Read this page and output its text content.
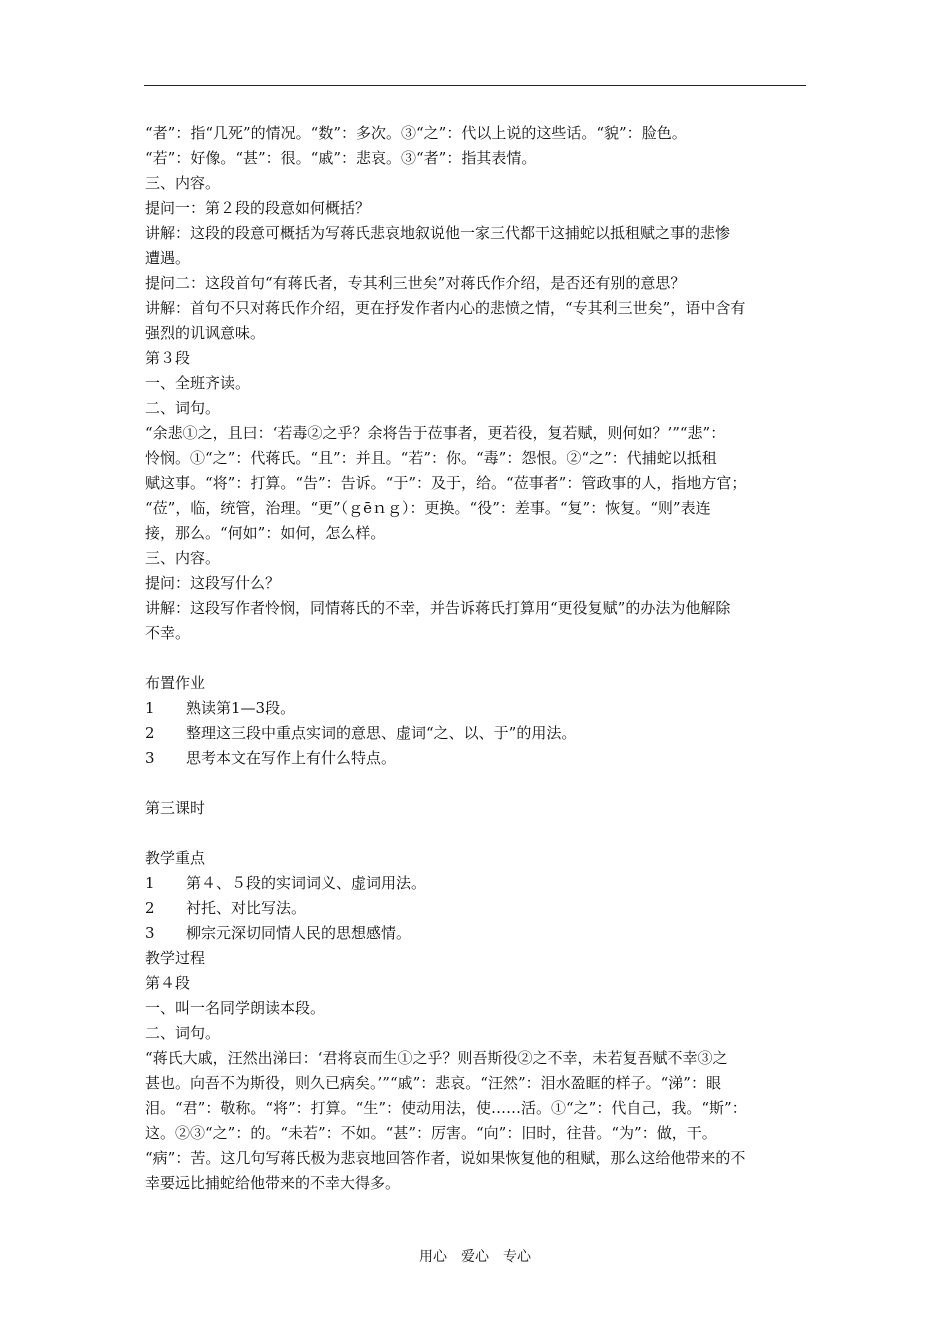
“者”：指“几死”的情况。“数”：多次。③“之”：代以上说的这些话。“貌”：脸色。
“若”：好像。“甚”：很。“戚”：悲哀。③“者”：指其表情。
三、内容。
提问一：第２段的段意如何概括？
讲解：这段的段意可概括为写蒋氏悲哀地叙说他一家三代都干这捕蛇以抵租赋之事的悲惨
遭遇。
提问二：这段首句“有蒋氏者，专其利三世矣”对蒋氏作介绍，是否还有别的意思？
讲解：首句不只对蒋氏作介绍，更在抒发作者内心的悲愤之情，“专其利三世矣”，语中含有
强烈的讥讽意味。
第３段
一、全班齐读。
二、词句。
“余悲①之，且曰：‘若毒②之乎？余将告于莅事者，更若役，复若赋，则何如？’”“悲”：
怜悯。①“之”：代蒋氏。“且”：并且。“若”：你。“毒”：怨恨。②“之”：代捕蛇以抵租
赋这事。“将”：打算。“告”：告诉。“于”：及于，给。“莅事者”：管政事的人，指地方官；
“莅”，临，统管，治理。“更”（ｇēｎｇ）：更换。“役”：差事。“复”：恢复。“则”表连
接，那么。“何如”：如何，怎么样。
三、内容。
提问：这段写什么？
讲解：这段写作者怜悯，同情蒋氏的不幸，并告诉蒋氏打算用“更役复赋”的办法为他解除
不幸。
布置作业
1 熟读第1—3段。
2 整理这三段中重点实词的意思、虚词“之、以、于”的用法。
3 思考本文在写作上有什么特点。
第三课时
教学重点
1 第４、５段的实词词义、虚词用法。
2 衬托、对比写法。
3 柳宗元深切同情人民的思想感情。
教学过程
第４段
一、叫一名同学朗读本段。
二、词句。
“蒋氏大戚，汪然出涕曰：‘君将哀而生①之乎？则吾斯役②之不幸，未若复吾赋不幸③之
甚也。向吾不为斯役，则久已病矣。’”“戚”：悲哀。“汪然”：泪水盈眶的样子。“涕”：眼
泪。“君”：敬称。“将”：打算。“生”：使动用法，使……活。①“之”：代自己，我。“斯”：
这。②③“之”：的。“未若”：不如。“甚”：厉害。“向”：旧时，往昔。“为”：做，干。
“病”：苦。这几句写蒋氏极为悲哀地回答作者，说如果恢复他的租赋，那么这给他带来的不
幸要远比捕蛇给他带来的不幸大得多。
用心　爱心　专心
